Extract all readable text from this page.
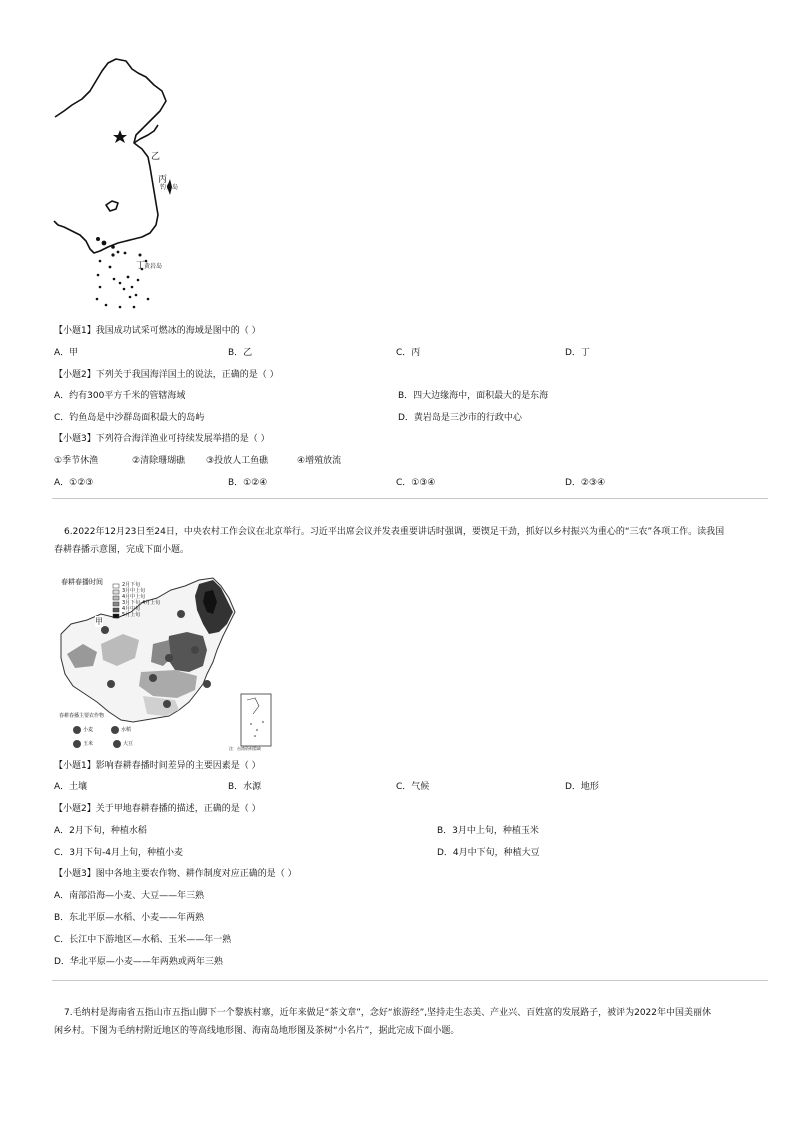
钓鱼岛
乙
丙
丁
黄岩岛
【小题1】我国成功试采可燃冰的海域是图中的（ ）
A．甲	B．乙	C．丙	D．丁
【小题2】下列关于我国海洋国土的说法，正确的是（ ）
A．约有300平方千米的管辖海域	B．四大边缘海中，面积最大的是东海
C．钓鱼岛是中沙群岛面积最大的岛屿	D．黄岩岛是三沙市的行政中心
【小题3】下列符合海洋渔业可持续发展举措的是（ ）
①季节休渔	②清除珊瑚礁 ③投放人工鱼礁	④增殖放流
A．①②③	B．①②④	C．①③④	D．②③④
6.2022年12月23日至24日，中央农村工作会议在北京举行。习近平出席会议并发表重要讲话时强调，要锲足干劲，抓好以乡村振兴为重心的“三农”各项工作。读我国
春耕春播示意图，完成下面小题。
春耕春播时间	2月下旬
3月中上旬
4月中上旬
3月下旬-4月上旬
4月中旬
5月上旬
甲
春耕春播主要农作物
小麦	水稻
玉米	大豆
注：台湾资料暂缺
【小题1】影响春耕春播时间差异的主要因素是（ ）
A．土壤	B．水源	C．气候	D．地形
【小题2】关于甲地春耕春播的描述，正确的是（ ）
A．2月下旬，种植水稻	B．3月中上旬，种植玉米
C．3月下旬-4月上旬，种植小麦	D．4月中下旬，种植大豆
【小题3】图中各地主要农作物、耕作制度对应正确的是（ ）
A．南部沿海—小麦、大豆——年三熟
B．东北平原—水稻、小麦——年两熟
C．长江中下游地区—水稻、玉米——年一熟
D．华北平原—小麦——年两熟或两年三熟
7.毛纳村是海南省五指山市五指山脚下一个黎族村寨，近年来做足“茶文章”，念好“旅游经”,坚持走生态美、产业兴、百姓富的发展路子，被评为2022年中国美丽休
闲乡村。下图为毛纳村附近地区的等高线地形图、海南岛地形图及茶树“小名片”，据此完成下面小题。
